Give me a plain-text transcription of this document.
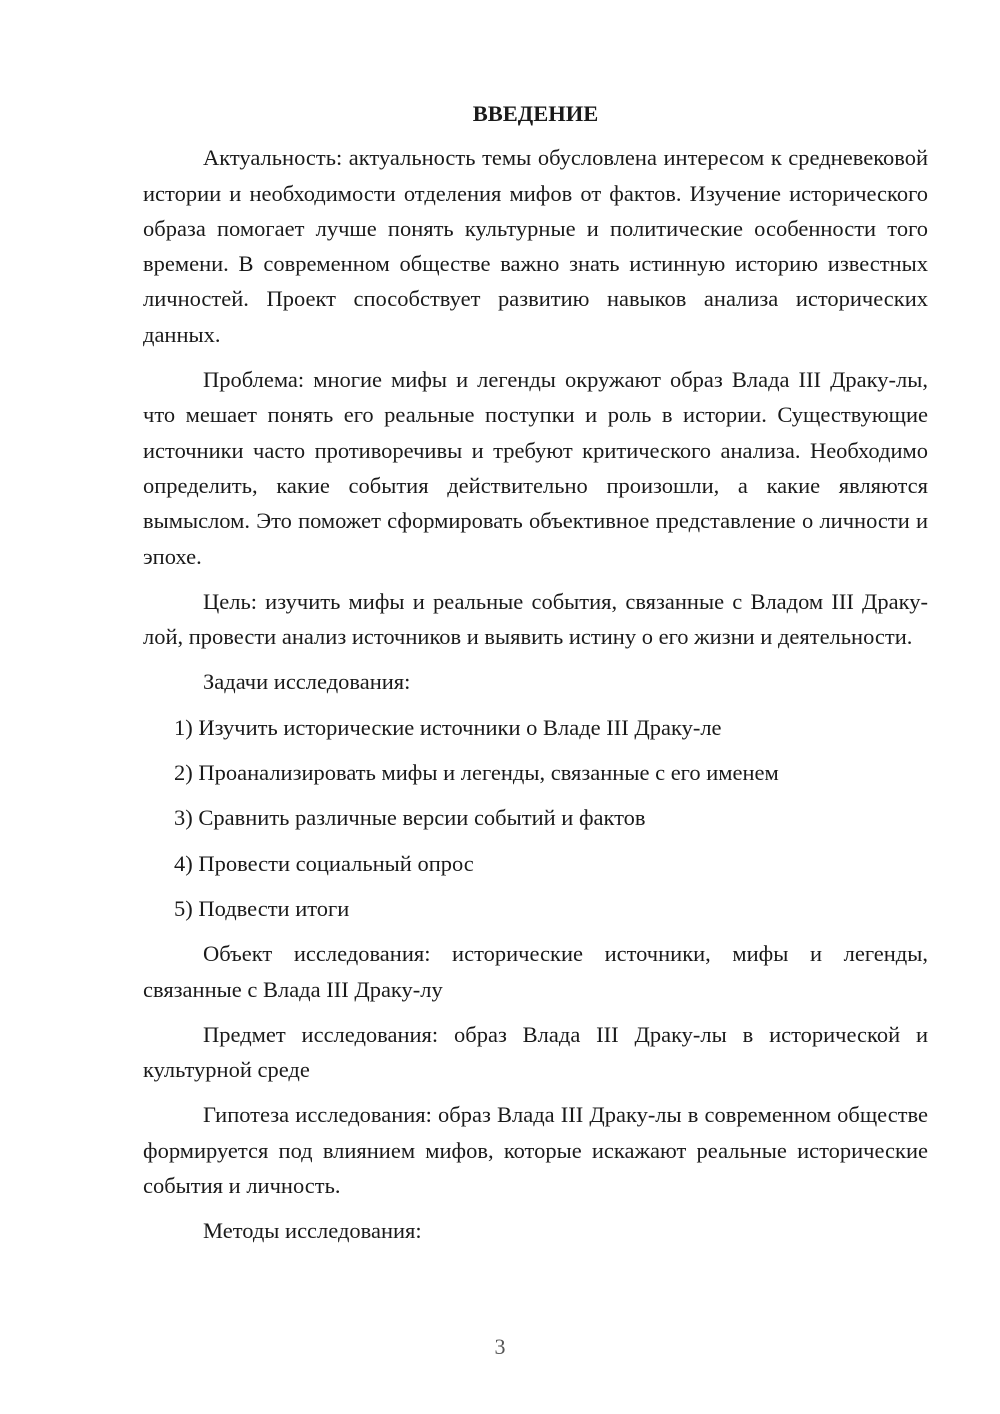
ВВЕДЕНИЕ

Актуальность: актуальность темы обусловлена интересом к средневековой истории и необходимости отделения мифов от фактов. Изучение исторического образа помогает лучше понять культурные и политические особенности того времени. В современном обществе важно знать истинную историю известных личностей. Проект способствует развитию навыков анализа исторических данных.

Проблема: многие мифы и легенды окружают образ Влада III Драку-лы, что мешает понять его реальные поступки и роль в истории. Существующие источники часто противоречивы и требуют критического анализа. Необходимо определить, какие события действительно произошли, а какие являются вымыслом. Это поможет сформировать объективное представление о личности и эпохе.

Цель: изучить мифы и реальные события, связанные с Владом III Драку-лой, провести анализ источников и выявить истину о его жизни и деятельности.

Задачи исследования:

1) Изучить исторические источники о Владе III Драку-ле
2) Проанализировать мифы и легенды, связанные с его именем
3) Сравнить различные версии событий и фактов
4) Провести социальный опрос
5) Подвести итоги

Объект исследования: исторические источники, мифы и легенды, связанные с Влада III Драку-лу

Предмет исследования: образ Влада III Драку-лы в исторической и культурной среде

Гипотеза исследования: образ Влада III Драку-лы в современном обществе формируется под влиянием мифов, которые искажают реальные исторические события и личность.

Методы исследования:

3
